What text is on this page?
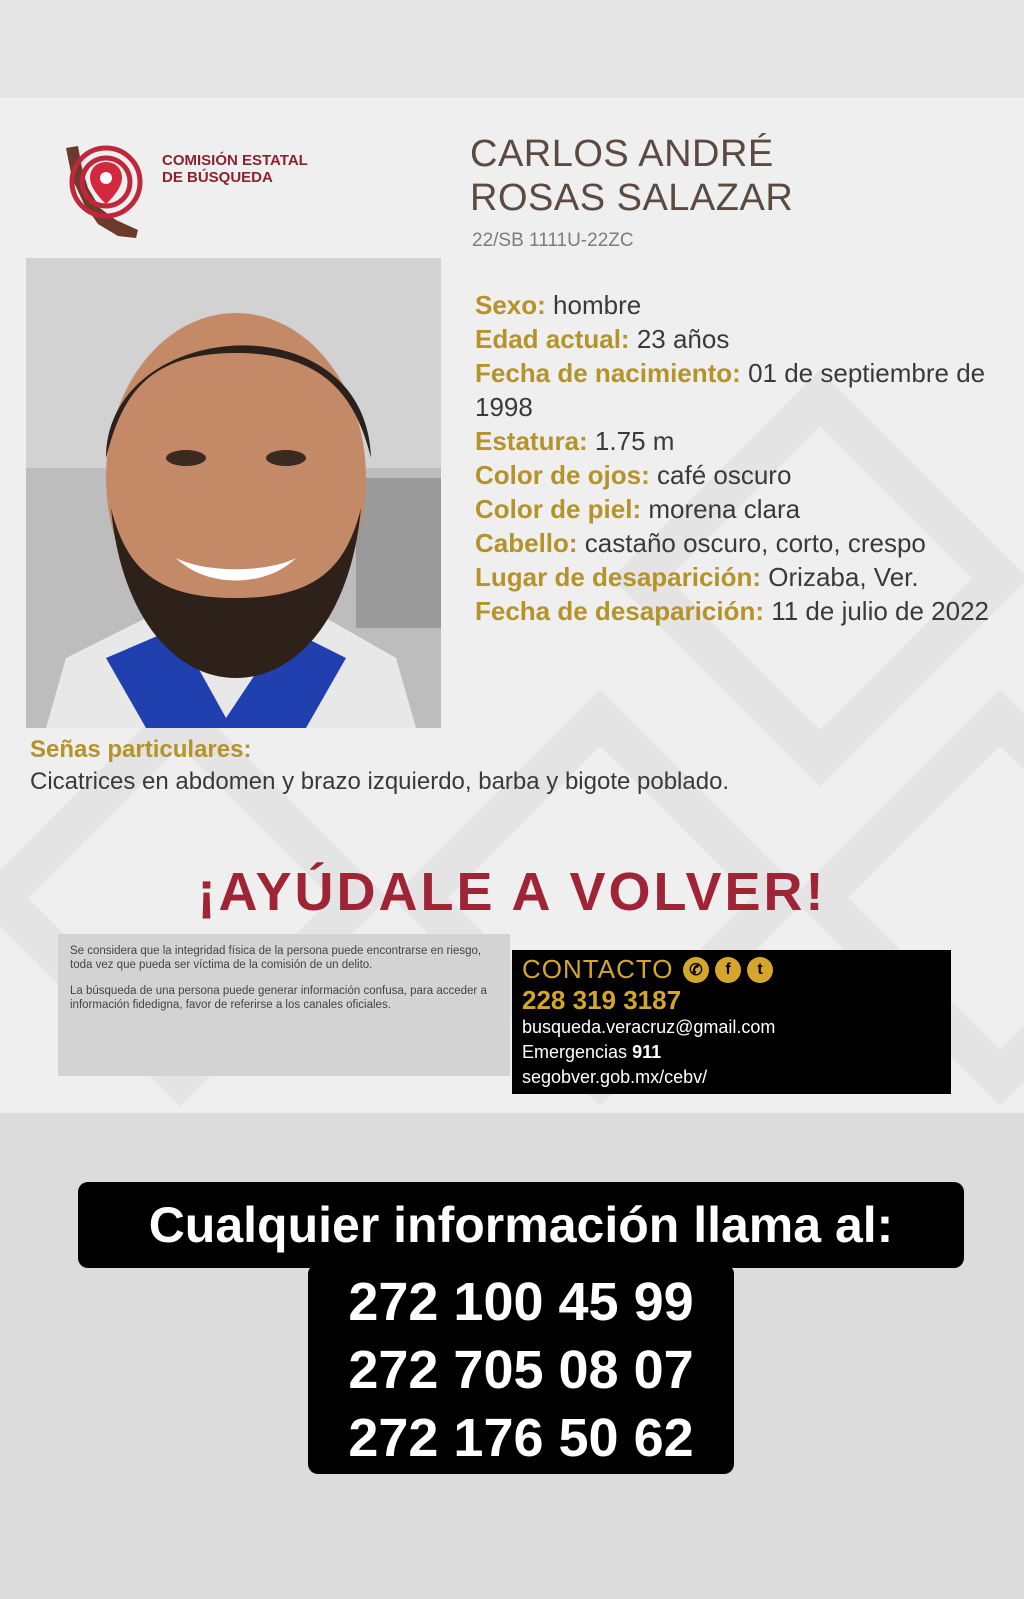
COMISIÓN ESTATAL
DE BÚSQUEDA
CARLOS ANDRÉ
ROSAS SALAZAR
22/SB 1111U-22ZC
Sexo: hombre
Edad actual: 23 años
Fecha de nacimiento: 01 de septiembre de 1998
Estatura: 1.75 m
Color de ojos: café oscuro
Color de piel: morena clara
Cabello: castaño oscuro, corto, crespo
Lugar de desaparición: Orizaba, Ver.
Fecha de desaparición: 11 de julio de 2022
Señas particulares:
Cicatrices en abdomen y brazo izquierdo, barba y bigote poblado.
¡AYÚDALE A VOLVER!

Se considera que la integridad física de la persona puede encontrarse en riesgo, toda vez que pueda ser víctima de la comisión de un delito.

La búsqueda de una persona puede generar información confusa, para acceder a información fidedigna, favor de referirse a los canales oficiales.

CONTACTO ✆	f	t
228 319 3187
busqueda.veracruz@gmail.com
Emergencias 911
segobver.gob.mx/cebv/
Cualquier información llama al:
272 100 45 99
272 705 08 07
272 176 50 62
